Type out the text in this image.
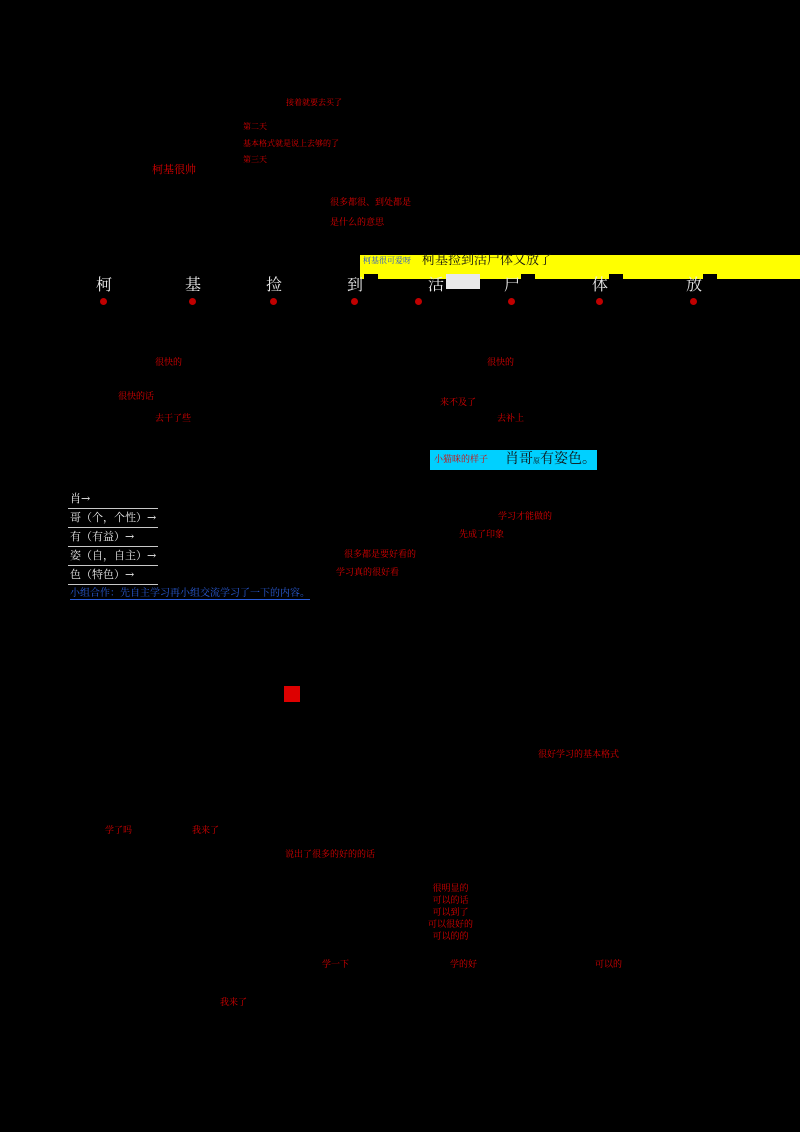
接着就要去买了
第二天
基本格式就是说上去够的了
第三天
柯基很帅
很多都很、到处都是
是什么的意思
柯基很可爱呀 柯基捡到活尸体又放了
柯	基	捡	到	活	尸	体	放
很快的
很快的话
去干了些
很快的
来不及了
去补上
小猫咪的样子 肖哥原有姿色。
学习才能做的
先成了印象
很多都是要好看的
学习真的很好看
肖→
哥（个，个性）→
有（有益）→
姿（自，自主）→
色（特色）→
小组合作：先自主学习再小组交流学习了一下的内容。
很好学习的基本格式
学了吗	我来了
说出了很多的好的的话
很明显的
可以的话
可以到了
可以很好的
可以的的
学一下	学的好	可以的
我来了
